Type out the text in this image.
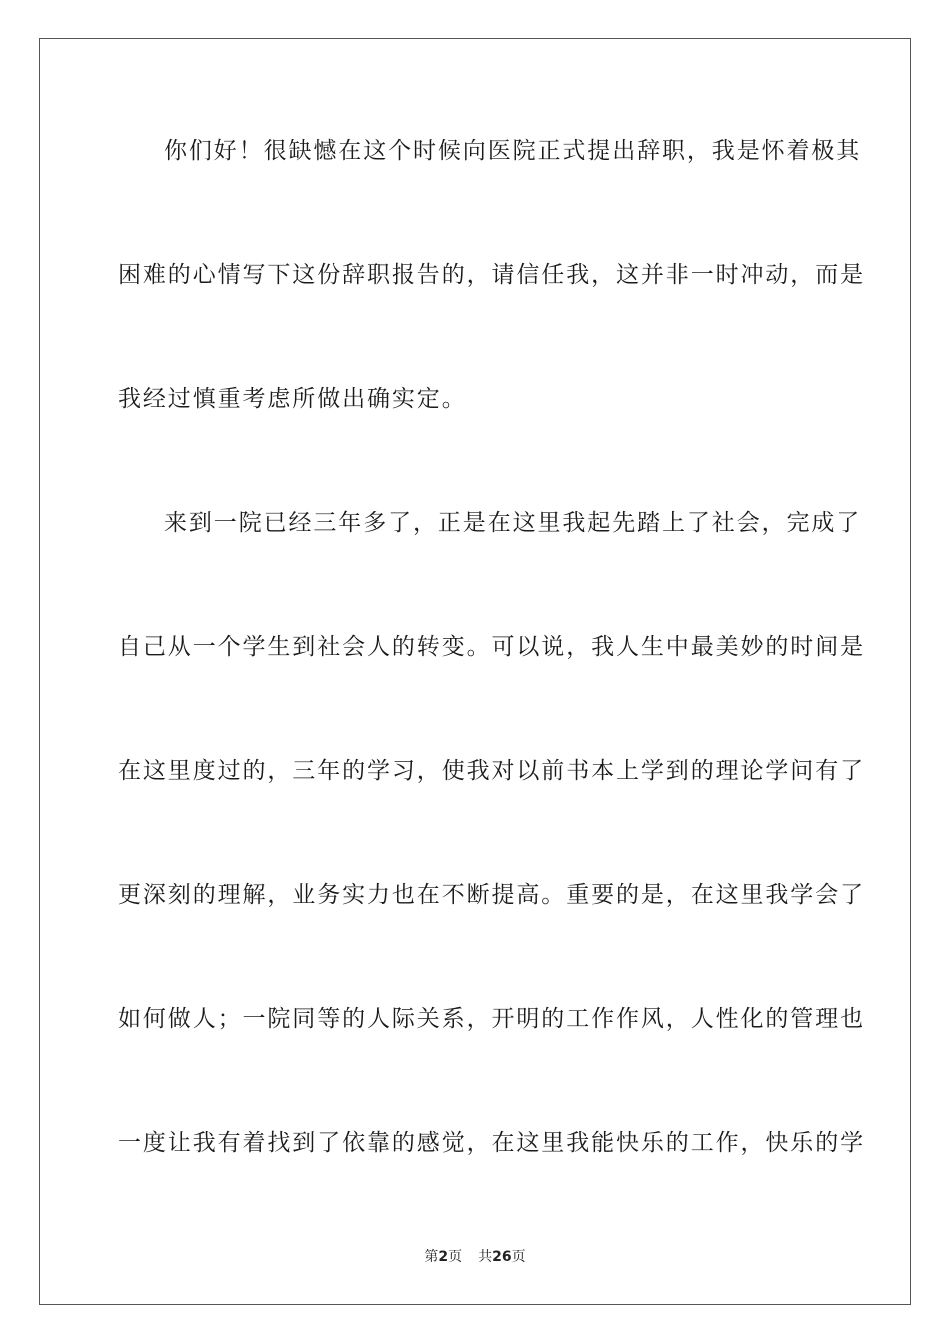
你们好！很缺憾在这个时候向医院正式提出辞职，我是怀着极其
困难的心情写下这份辞职报告的，请信任我，这并非一时冲动，而是
我经过慎重考虑所做出确实定。
来到一院已经三年多了，正是在这里我起先踏上了社会，完成了
自己从一个学生到社会人的转变。可以说，我人生中最美妙的时间是
在这里度过的，三年的学习，使我对以前书本上学到的理论学问有了
更深刻的理解，业务实力也在不断提高。重要的是，在这里我学会了
如何做人；一院同等的人际关系，开明的工作作风，人性化的管理也
一度让我有着找到了依靠的感觉，在这里我能快乐的工作，快乐的学
第2页 共26页
